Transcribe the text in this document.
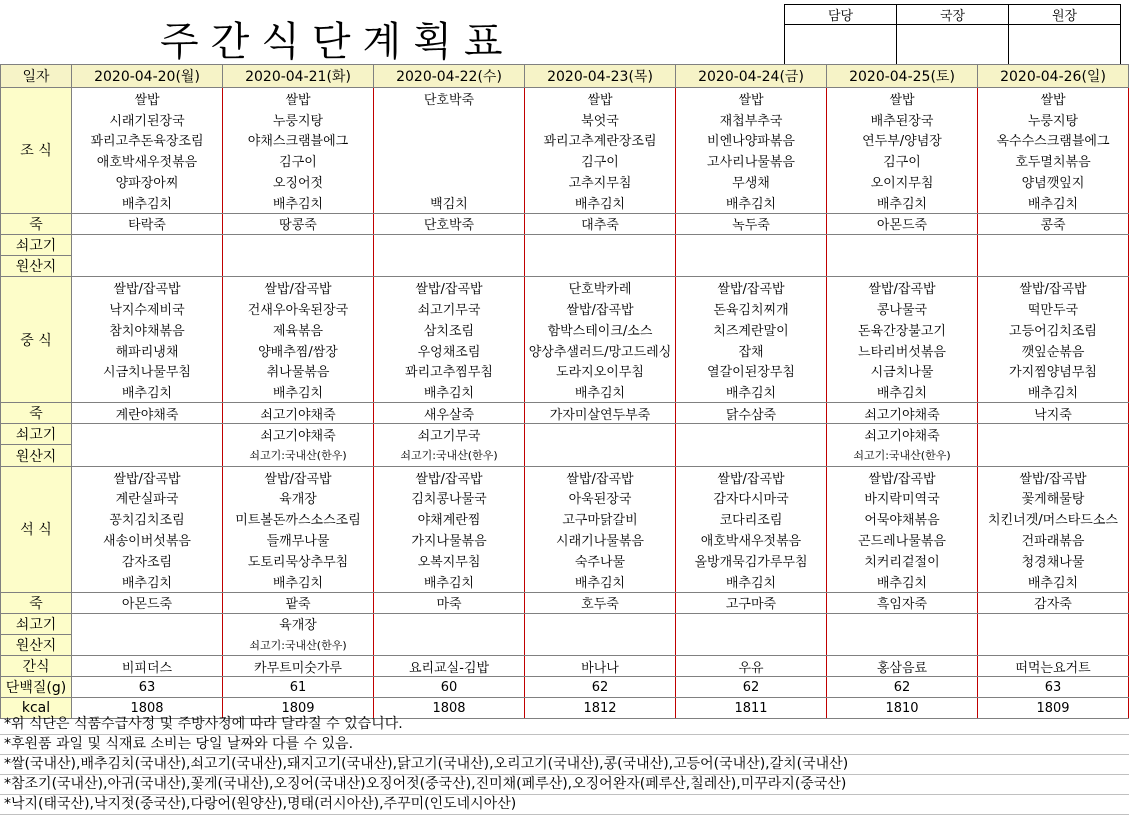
주간식단계획표
담당	국장	원장

일자	2020-04-20(월)	2020-04-21(화)	2020-04-22(수)	2020-04-23(목)	2020-04-24(금)	2020-04-25(토)	2020-04-26(일)
조 식	쌀밥	쌀밥	단호박죽	쌀밥	쌀밥	쌀밥	쌀밥
	시래기된장국	누룽지탕		북엇국	재첩부추국	배추된장국	누룽지탕
	꽈리고추돈육장조림	야채스크램블에그		꽈리고추계란장조림	비엔나양파볶음	연두부/양념장	옥수수스크램블에그
	애호박새우젓볶음	김구이		김구이	고사리나물볶음	김구이	호두멸치볶음
	양파장아찌	오징어젓		고추지무침	무생채	오이지무침	양념깻잎지
	배추김치	배추김치	백김치	배추김치	배추김치	배추김치	배추김치
죽	타락죽	땅콩죽	단호박죽	대추죽	녹두죽	아몬드죽	콩죽
쇠고기							
원산지							
중 식	쌀밥/잡곡밥	쌀밥/잡곡밥	쌀밥/잡곡밥	단호박카레	쌀밥/잡곡밥	쌀밥/잡곡밥	쌀밥/잡곡밥
	낙지수제비국	건새우아욱된장국	쇠고기무국	쌀밥/잡곡밥	돈육김치찌개	콩나물국	떡만두국
	참치야채볶음	제육볶음	삼치조림	함박스테이크/소스	치즈계란말이	돈육간장불고기	고등어김치조림
	해파리냉채	양배추찜/쌈장	우엉채조림	양상추샐러드/망고드레싱	잡채	느타리버섯볶음	깻잎순볶음
	시금치나물무침	취나물볶음	꽈리고추찜무침	도라지오이무침	열갈이된장무침	시금치나물	가지찜양념무침
	배추김치	배추김치	배추김치	배추김치	배추김치	배추김치	배추김치
죽	계란야채죽	쇠고기야채죽	새우살죽	가자미살연두부죽	닭수삼죽	쇠고기야채죽	낙지죽
쇠고기		쇠고기야채죽	쇠고기무국			쇠고기야채죽	
원산지		쇠고기:국내산(한우)	쇠고기:국내산(한우)			쇠고기:국내산(한우)	
석 식	쌀밥/잡곡밥	쌀밥/잡곡밥	쌀밥/잡곡밥	쌀밥/잡곡밥	쌀밥/잡곡밥	쌀밥/잡곡밥	쌀밥/잡곡밥
	계란실파국	육개장	김치콩나물국	아욱된장국	감자다시마국	바지락미역국	꽃게해물탕
	꽁치김치조림	미트볼돈까스소스조림	야채계란찜	고구마닭갈비	코다리조림	어묵야채볶음	치킨너겟/머스타드소스
	새송이버섯볶음	들깨무나물	가지나물볶음	시래기나물볶음	애호박새우젓볶음	곤드레나물볶음	건파래볶음
	감자조림	도토리묵상추무침	오복지무침	숙주나물	올방개묵김가루무침	치커리겉절이	청경채나물
	배추김치	배추김치	배추김치	배추김치	배추김치	배추김치	배추김치
죽	아몬드죽	팥죽	마죽	호두죽	고구마죽	흑임자죽	감자죽
쇠고기		육개장					
원산지		쇠고기:국내산(한우)					
간식	비피더스	카무트미숫가루	요리교실-김밥	바나나	우유	홍삼음료	떠먹는요거트
단백질(g)	63	61	60	62	62	62	63
kcal	1808	1809	1808	1812	1811	1810	1809
*위 식단은 식품수급사정 및 주방사정에 따라 달라질 수 있습니다.
*후원품 과일 및 식재료 소비는 당일 날짜와 다를 수 있음.
*쌀(국내산),배추김치(국내산),쇠고기(국내산),돼지고기(국내산),닭고기(국내산),오리고기(국내산),콩(국내산),고등어(국내산),갈치(국내산)
*참조기(국내산),아귀(국내산),꽃게(국내산),오징어(국내산)오징어젓(중국산),진미채(페루산),오징어완자(페루산,칠레산),미꾸라지(중국산)
*낙지(태국산),낙지젓(중국산),다랑어(원양산),명태(러시아산),주꾸미(인도네시아산)
